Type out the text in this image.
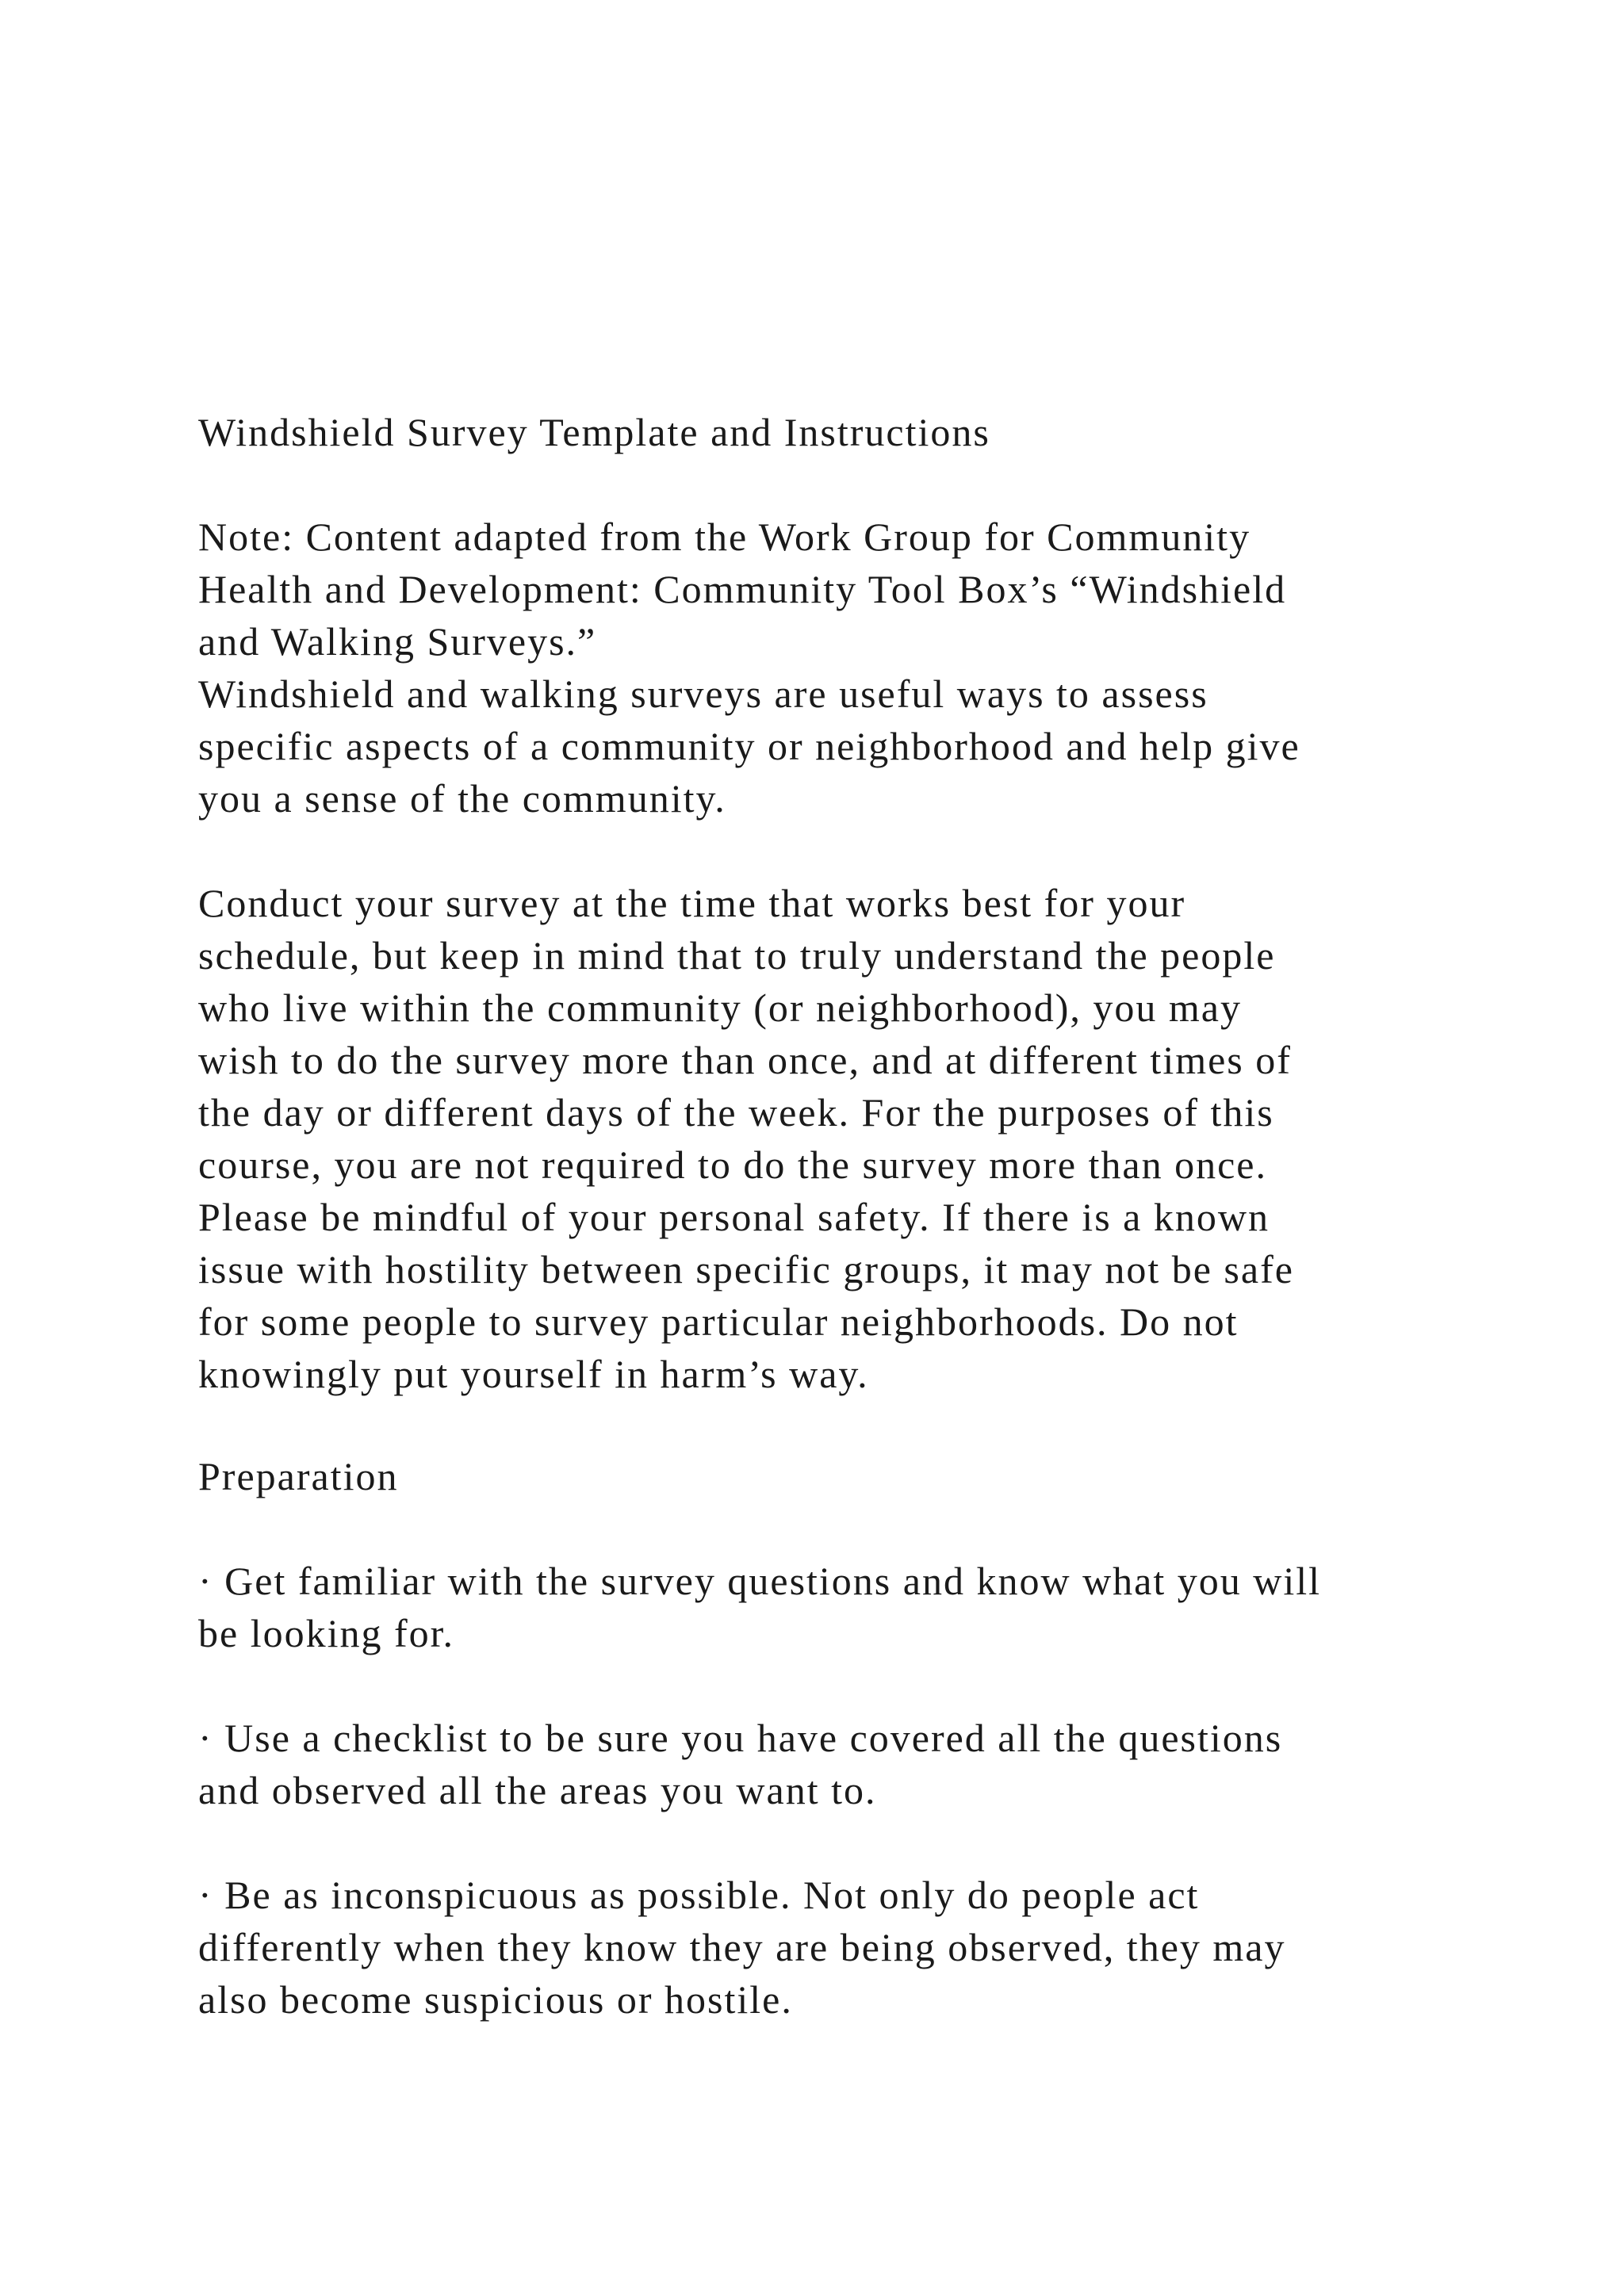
Windshield Survey Template and Instructions
Note: Content adapted from the Work Group for Community
Health and Development: Community Tool Box’s “Windshield
and Walking Surveys.”
Windshield and walking surveys are useful ways to assess
specific aspects of a community or neighborhood and help give
you a sense of the community.
Conduct your survey at the time that works best for your
schedule, but keep in mind that to truly understand the people
who live within the community (or neighborhood), you may
wish to do the survey more than once, and at different times of
the day or different days of the week. For the purposes of this
course, you are not required to do the survey more than once.
Please be mindful of your personal safety. If there is a known
issue with hostility between specific groups, it may not be safe
for some people to survey particular neighborhoods. Do not
knowingly put yourself in harm’s way.
Preparation
· Get familiar with the survey questions and know what you will
be looking for.
· Use a checklist to be sure you have covered all the questions
and observed all the areas you want to.
· Be as inconspicuous as possible. Not only do people act
differently when they know they are being observed, they may
also become suspicious or hostile.
